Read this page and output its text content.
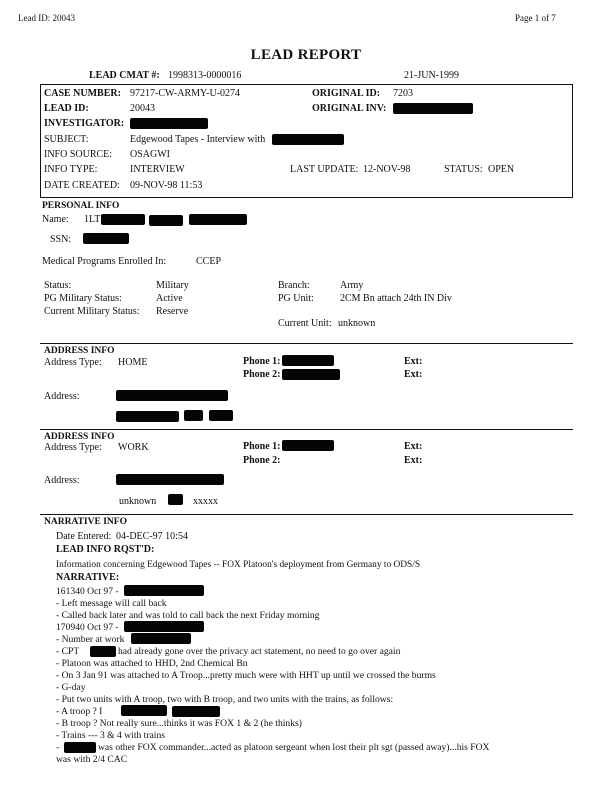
Lead ID: 20043	Page 1 of 7
LEAD REPORT
LEAD CMAT #: 1998313-0000016	21-JUN-1999
CASE NUMBER: 97217-CW-ARMY-U-0274	ORIGINAL ID: 7203
LEAD ID:	20043	ORIGINAL INV:
INVESTIGATOR:
SUBJECT:	Edgewood Tapes - Interview with
INFO SOURCE: OSAGWI
INFO TYPE:	INTERVIEW	LAST UPDATE: 12-NOV-98	STATUS: OPEN
DATE CREATED: 09-NOV-98 11:53
PERSONAL INFO
Name: 1LT
SSN:
Medical Programs Enrolled In:	CCEP
Status:	Military	Branch:	Army
PG Military Status:	Active	PG Unit:	2CM Bn attach 24th IN Div
Current Military Status: Reserve
Current Unit: unknown
ADDRESS INFO
Address Type: HOME	Phone 1:	Ext:
Phone 2:	Ext:
Address:
ADDRESS INFO
Address Type: WORK	Phone 1:	Ext:
Phone 2:	Ext:
Address:
unknown	xxxxx
NARRATIVE INFO
Date Entered: 04-DEC-97 10:54
LEAD INFO RQST'D:
Information concerning Edgewood Tapes -- FOX Platoon's deployment from Germany to ODS/S
NARRATIVE:
161340 Oct 97 -
- Left message will call back
- Called back later and was told to call back the next Friday morning
170940 Oct 97 -
- Number at work
- CPT	had already gone over the privacy act statement, no need to go over again
- Platoon was attached to HHD, 2nd Chemical Bn
- On 3 Jan 91 was attached to A Troop...pretty much were with HHT up until we crossed the burms
- G-day
- Put two units with A troop, two with B troop, and two units with the trains, as follows:
- A troop ? I
- B troop ? Not really sure...thinks it was FOX 1 & 2 (he thinks)
- Trains --- 3 & 4 with trains
-	was other FOX commander...acted as platoon sergeant when lost their plt sgt (passed away)...his FOX
was with 2/4 CAC
